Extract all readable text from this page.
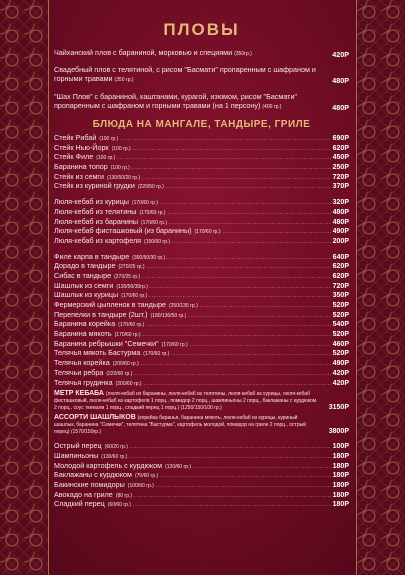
ПЛОВЫ
Чайханский плов с бараниной, морковью и специями (350гр.)	420Р
Свадебный плов с телятиной, с рисом "Басмати" пропаренным с шафраном и горными травами (350 гр.)	480Р
"Шах Плов" с бараниной, каштанами, курагой, изюмом, рисом "Басмати" пропаренным с шафраном и горными травами (на 1 персону) (400 гр.)	480Р
БЛЮДА НА МАНГАЛЕ, ТАНДЫРЕ, ГРИЛЕ
Стейк Рибай (100 гр.) .....	690Р
Стейк Нью-Йорк (100 гр.) .....	620Р
Стейк Филе (100 гр.) .....	450Р
Баранина топор (100 гр.) .....	250Р
Стейк из семги (130/50/20 гр.) .....	720Р
Стейк из куриной грудки (220/50 гр.) .....	370Р
Люля-кебаб из курицы (170/60 гр.) .....	320Р
Люля-кебаб из телятины (170/60 гр.) .....	480Р
Люля-кебаб из баранины (170/60 гр.) .....	480Р
Люля-кебаб фисташковый (из баранины) (170/60 гр.) .....	490Р
Люля-кебаб из картофеля (150/60 гр.) .....	200Р
Филе карпа в тандыре (300/50/30 гр.) .....	640Р
Дорадо в тандыре (270/25 гр.) .....	620Р
Сибас в тандыре (270/25 гр.) .....	620Р
Шашлык из семги (130/50/30гр.) .....	720Р
Шашлык из курицы (170/60 гр.) .....	350Р
Фермерский цыпленок в тандыре (250/135 гр.) .....	520Р
Перепелки в тандыре (2шт.) (180/130/50 гр.) .....	520Р
Баранина корейка (170/60 гр.) .....	540Р
Баранина мякоть (170/60 гр.) .....	520Р
Баранина ребрышки "Семечки" (170/60 гр.) .....	460Р
Телячья мякоть Бастурма (170/60 гр.) .....	520Р
Телячья корейка (200/60 гр.) .....	490Р
Телячьи ребра (220/60 гр.) .....	420Р
Телячья грудинка (200/60 гр.) .....	420Р
МЕТР КЕБАБА (люля-кебаб из баранины, люля-кебаб из телятины, люля-кебаб из курицы, люля-кебаб фисташковый, люля-кебаб из картофеля 1 порц., помидор 2 порц., шампиньоны 2 порц., баклажаны с курдюком 2 порц., соус ткемали 1 порц., сладкий перец 1 порц.) (1250/150/100 гр.)	3150Р
АССОРТИ ШАШЛЫКОВ (корейка баранья, баранина мякоть, люля-кебаб из курицы, куриный шашлык, баранина "Семечки", телятина "Бастурма", картофель молодой, помидор на гриле 2 порц., острый перец) (1570/150гр.)	3800Р
Острый перец (60/20 гр.) .....	100Р
Шампиньоны (130/60 гр.) .....	180Р
Молодой картофель с курдюком (120/60 гр.) .....	180Р
Баклажаны с курдюком (70/60 гр.) .....	180Р
Бакинские помидоры (100/60 гр.) .....	180Р
Авокадо на гриле (80 гр.) .....	180Р
Сладкий перец (60/60 гр.) .....	180Р
